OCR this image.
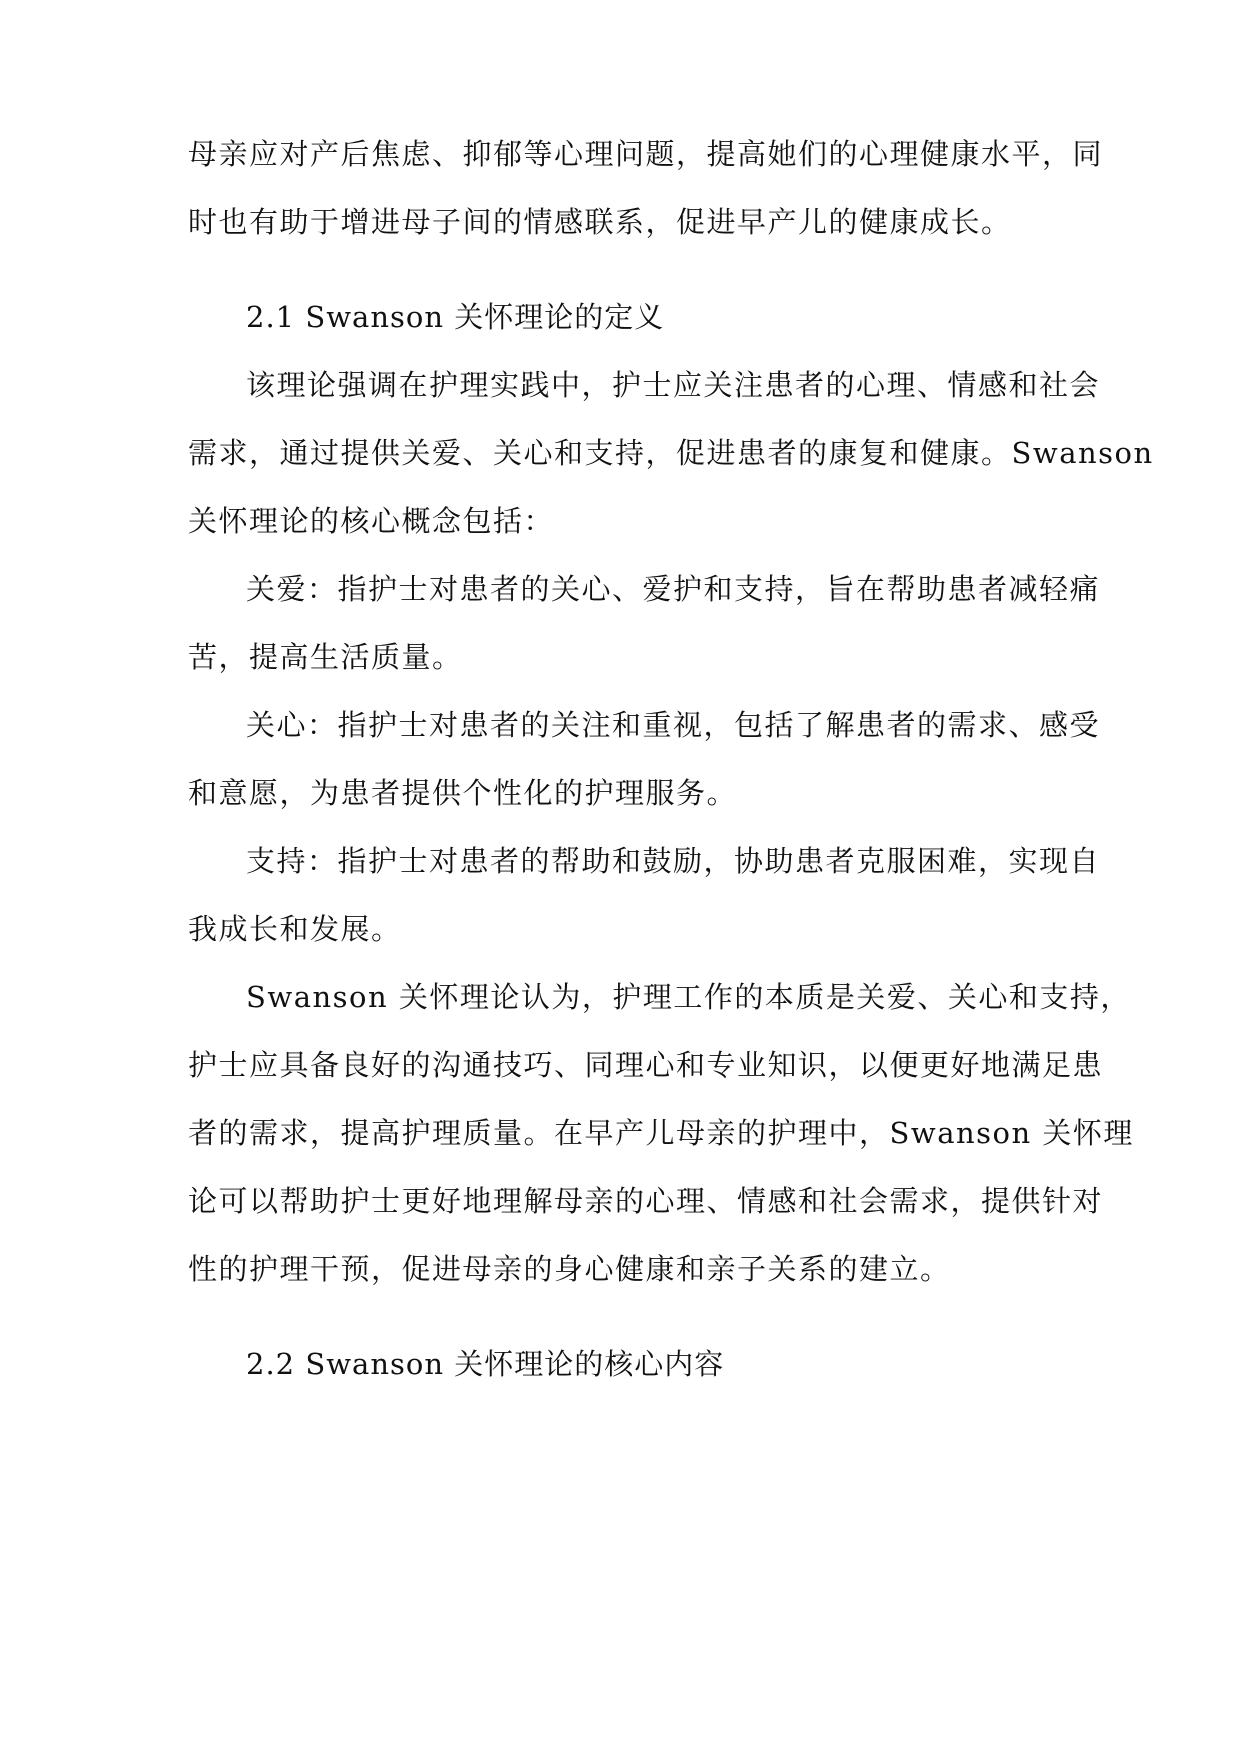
母亲应对产后焦虑、抑郁等心理问题，提高她们的心理健康水平，同
时也有助于增进母子间的情感联系，促进早产儿的健康成长。
2.1 Swanson 关怀理论的定义
该理论强调在护理实践中，护士应关注患者的心理、情感和社会
需求，通过提供关爱、关心和支持，促进患者的康复和健康。Swanson
关怀理论的核心概念包括：
关爱：指护士对患者的关心、爱护和支持，旨在帮助患者减轻痛
苦，提高生活质量。
关心：指护士对患者的关注和重视，包括了解患者的需求、感受
和意愿，为患者提供个性化的护理服务。
支持：指护士对患者的帮助和鼓励，协助患者克服困难，实现自
我成长和发展。
Swanson 关怀理论认为，护理工作的本质是关爱、关心和支持，
护士应具备良好的沟通技巧、同理心和专业知识，以便更好地满足患
者的需求，提高护理质量。在早产儿母亲的护理中，Swanson 关怀理
论可以帮助护士更好地理解母亲的心理、情感和社会需求，提供针对
性的护理干预，促进母亲的身心健康和亲子关系的建立。
2.2 Swanson 关怀理论的核心内容
